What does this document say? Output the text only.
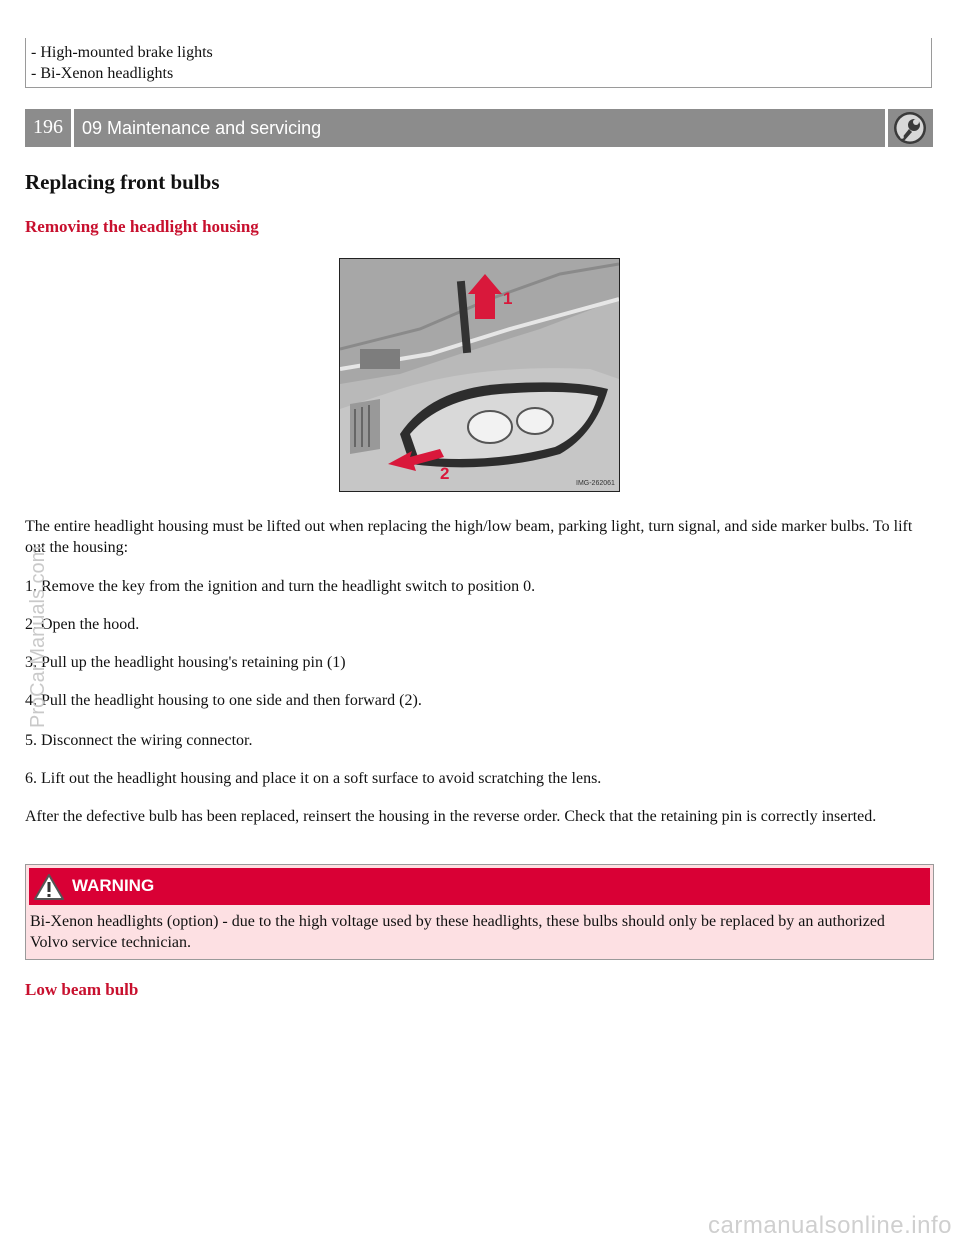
- High-mounted brake lights
- Bi-Xenon headlights
196	09 Maintenance and servicing
Replacing front bulbs
Removing the headlight housing
1
2
IMG-262061

The entire headlight housing must be lifted out when replacing the high/low beam, parking light, turn signal, and side marker bulbs. To lift out the housing:

1. Remove the key from the ignition and turn the headlight switch to position 0.

2. Open the hood.

3. Pull up the headlight housing's retaining pin (1)

4. Pull the headlight housing to one side and then forward (2).

5. Disconnect the wiring connector.

6. Lift out the headlight housing and place it on a soft surface to avoid scratching the lens.

After the defective bulb has been replaced, reinsert the housing in the reverse order. Check that the retaining pin is correctly inserted.

WARNING

Bi-Xenon headlights (option) - due to the high voltage used by these headlights, these bulbs should only be replaced by an authorized Volvo service technician.

Low beam bulb
ProCarManuals.com
carmanualsonline.info
